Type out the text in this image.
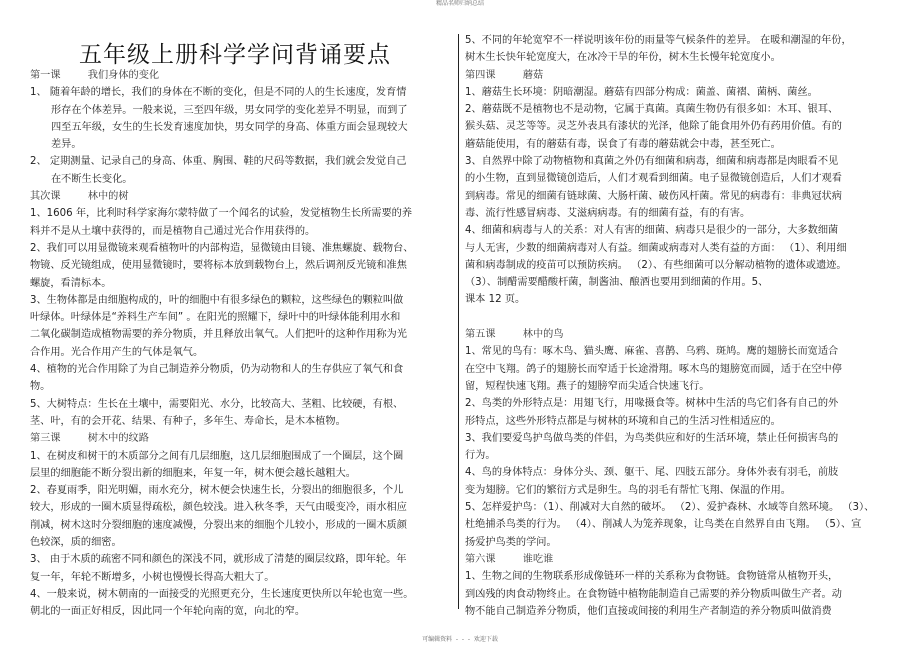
精品名师归纳总结
五年级上册科学学问背诵要点
第一课 我们身体的变化
1、 随着年龄的增长，我们的身体在不断的变化，但是不同的人的生长速度，发育情
形存在个体差异。一般来说，三至四年级，男女同学的变化差异不明显，而到了
四至五年级，女生的生长发育速度加快，男女同学的身高、体重方面会显现较大
差异。
2、 定期测量、记录自己的身高、体重、胸围、鞋的尺码等数据，我们就会发觉自己
在不断生长变化。
其次课 林中的树
1、1606 年，比利时科学家海尔蒙特做了一个闻名的试验，发觉植物生长所需要的养
料并不是从土壤中获得的，而是植物自己通过光合作用获得的。
2、我们可以用显微镜来观看植物叶的内部构造，显微镜由目镜、准焦螺旋、载物台、
物镜、反光镜组成，使用显微镜时，要将标本放到载物台上，然后调剂反光镜和准焦
螺旋，看清标本。
3、生物体都是由细胞构成的，叶的细胞中有很多绿色的颗粒，这些绿色的颗粒叫做
叶绿体。叶绿体是“养料生产车间” 。在阳光的照耀下，绿叶中的叶绿体能利用水和
二氧化碳制造成植物需要的养分物质，并且释放出氧气。人们把叶的这种作用称为光
合作用。光合作用产生的气体是氧气。
4、植物的光合作用除了为自己制造养分物质，仍为动物和人的生存供应了氧气和食
物。
5、大树特点：生长在土壤中，需要阳光、水分，比较高大、茎粗、比较硬，有根、
茎、叶，有的会开花、结果、有种子，多年生、寿命长，是木本植物。
第三课 树木中的纹路
1、在树皮和树干的木质部分之间有几层细胞，这几层细胞围成了一个圈层，这个圈
层里的细胞能不断分裂出新的细胞来，年复一年，树木便会越长越粗大。
2、春夏雨季，阳光明媚，雨水充分，树木便会快速生长，分裂出的细胞很多，个儿
较大，形成的一圈木质显得疏松，颜色较浅。进入秋冬季，天气由暖变冷，雨水相应
削减，树木这时分裂细胞的速度减慢，分裂出来的细胞个儿较小，形成的一圈木质颜
色较深，质的细密。
3、 由于木质的疏密不同和颜色的深浅不同，就形成了清楚的圈层纹路，即年轮。年
复一年，年轮不断增多，小树也慢慢长得高大粗大了。
4、一般来说，树木朝南的一面接受的光照更充分，生长速度更快所以年轮也宽一些。
朝北的一面正好相反，因此同一个年轮向南的宽，向北的窄。
5、不同的年轮宽窄不一样说明该年份的雨量等气候条件的差异。 在暖和潮湿的年份，
树木生长快年轮宽度大，在冰冷干旱的年份，树木生长慢年轮宽度小。
第四课 蘑菇
1、蘑菇生长环境：阴暗潮湿。蘑菇有四部分构成：菌盖、菌褶、菌柄、菌丝。
2、蘑菇既不是植物也不是动物，它属于真菌。真菌生物仍有很多如：木耳、银耳、
猴头菇、灵芝等等。灵芝外表具有漆状的光泽，他除了能食用外仍有药用价值。有的
蘑菇能使用，有的蘑菇有毒，误食了有毒的蘑菇就会中毒，甚至死亡。
3、自然界中除了动物植物和真菌之外仍有细菌和病毒，细菌和病毒都是肉眼看不见
的小生物，直到显微镜创造后，人们才观看到细菌。电子显微镜创造后，人们才观看
到病毒。常见的细菌有链球菌、大肠杆菌、破伤风杆菌。常见的病毒有：非典冠状病
毒、流行性感冒病毒、艾滋病病毒。有的细菌有益，有的有害。
4、细菌和病毒与人的关系：对人有害的细菌、病毒只是很少的一部分，大多数细菌
与人无害，少数的细菌病毒对人有益。细菌或病毒对人类有益的方面： （1）、利用细
菌和病毒制成的疫苗可以预防疾病。 （2）、有些细菌可以分解动植物的遗体或遗迹。
（3）、制醋需要醋酸杆菌，制酱油、酿酒也要用到细菌的作用。5、
课本 12 页。
第五课 林中的鸟
1、常见的鸟有：啄木鸟、猫头鹰、麻雀、喜鹊、乌鸦、斑鸠。鹰的翅膀长而宽适合
在空中飞翔。鸽子的翅膀长而窄适于长途滑翔。啄木鸟的翅膀宽而圆，适于在空中停
留，短程快速飞翔。燕子的翅膀窄而尖适合快速飞行。
2、鸟类的外形特点是：用翅飞行，用喙摄食等。树林中生活的鸟它们各有自己的外
形特点，这些外形特点都是与树林的环境和自己的生活习性相适应的。
3、我们要爱鸟护鸟做鸟类的伴侣，为鸟类供应和好的生活环境，禁止任何损害鸟的
行为。
4、鸟的身体特点：身体分头、颈、躯干、尾、四肢五部分。身体外表有羽毛，前肢
变为翅膀。它们的繁衍方式是卵生。鸟的羽毛有帮忙飞翔、保温的作用。
5、怎样爱护鸟：（1）、削减对大自然的破坏。 （2）、爱护森林、水域等自然环境。 （3）、
杜绝捕杀鸟类的行为。 （4）、削减人为笼养现象，让鸟类在自然界自由飞翔。 （5）、宣
扬爱护鸟类的学问。
第六课 谁吃谁
1、生物之间的生物联系形成像链环一样的关系称为食物链。食物链常从植物开头，
到凶残的肉食动物终止。在食物链中植物能制造自己需要的养分物质叫做生产者。动
物不能自己制造养分物质，他们直接或间接的利用生产者制造的养分物质叫做消费
可编辑资料  -  -  -  欢迎下载
